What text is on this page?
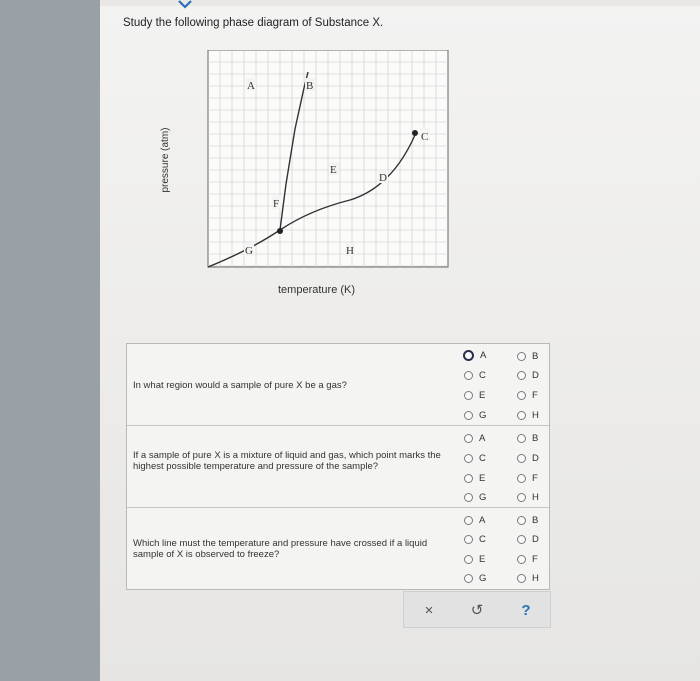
Study the following phase diagram of Substance X.
A	B
C
D
E
F
G	H
pressure (atm)
temperature (K)
In what region would a sample of pure X be a gas?
A	B
C	D
E	F
G	H
If a sample of pure X is a mixture of liquid and gas, which point marks the highest possible temperature and pressure of the sample?
A	B
C	D
E	F
G	H
Which line must the temperature and pressure have crossed if a liquid sample of X is observed to freeze?
A	B
C	D
E	F
G	H
×	↺	?
